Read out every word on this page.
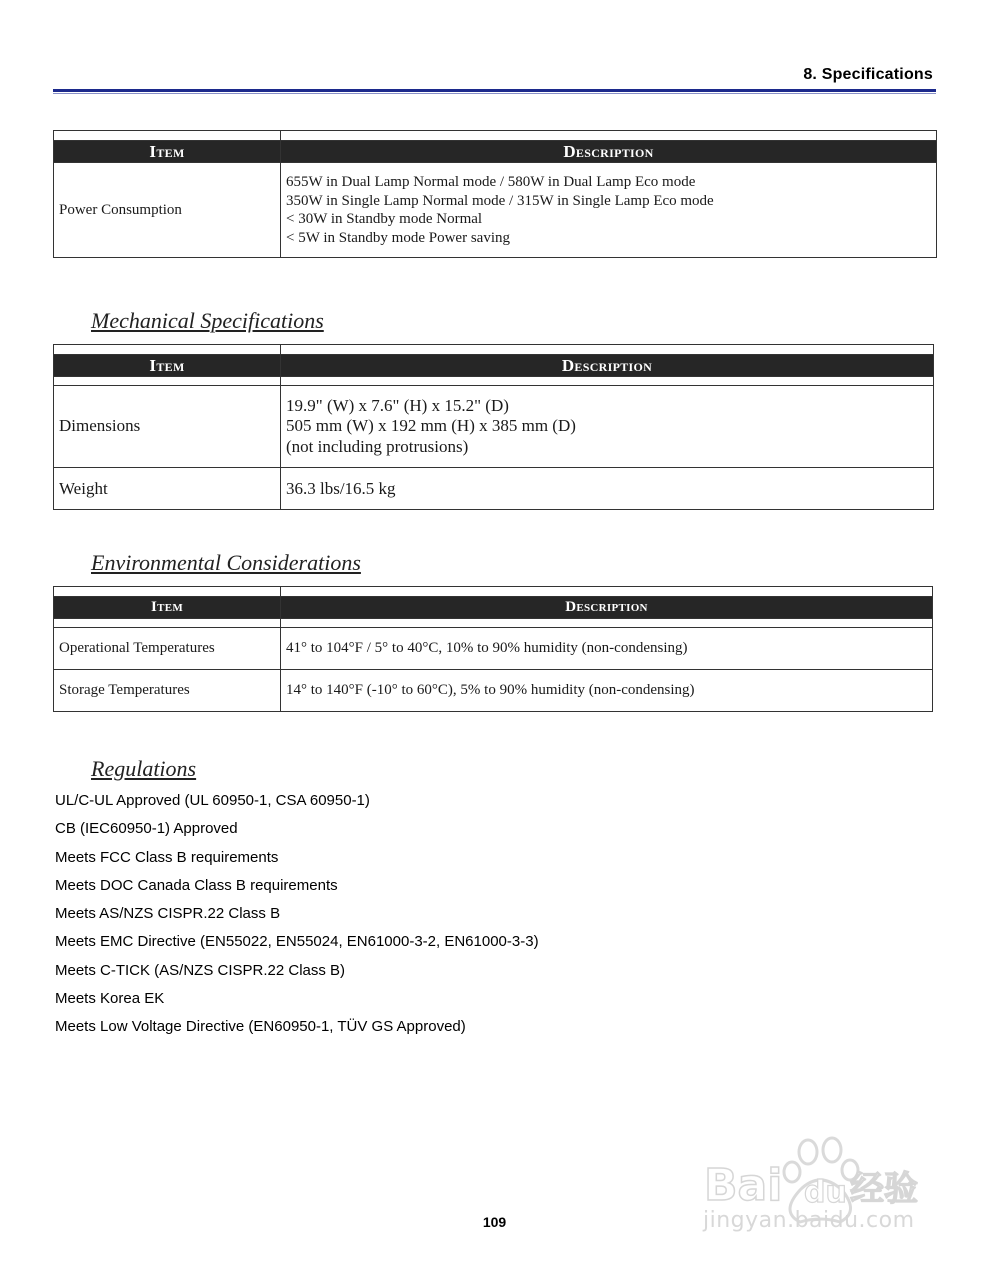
8. Specifications

Item	Description
Power Consumption	655W in Dual Lamp Normal mode / 580W in Dual Lamp Eco mode
350W in Single Lamp Normal mode / 315W in Single Lamp Eco mode
< 30W in Standby mode Normal
< 5W in Standby mode Power saving
Mechanical Specifications

Item	Description

Dimensions	19.9" (W) x 7.6" (H) x 15.2" (D)
505 mm (W) x 192 mm (H) x 385 mm (D)
(not including protrusions)

Weight	36.3 lbs/16.5 kg
Environmental Considerations

Item	Description

Operational Temperatures	41° to 104°F / 5° to 40°C, 10% to 90% humidity (non-condensing)
Storage Temperatures	14° to 140°F (-10° to 60°C), 5% to 90% humidity (non-condensing)
Regulations
UL/C-UL Approved (UL 60950-1, CSA 60950-1)
CB (IEC60950-1) Approved
Meets FCC Class B requirements
Meets DOC Canada Class B requirements
Meets AS/NZS CISPR.22 Class B
Meets EMC Directive (EN55022, EN55024, EN61000-3-2, EN61000-3-3)
Meets C-TICK (AS/NZS CISPR.22 Class B)
Meets Korea EK
Meets Low Voltage Directive (EN60950-1, TÜV GS Approved)
109
Bai du 经验
jingyan.baidu.com
